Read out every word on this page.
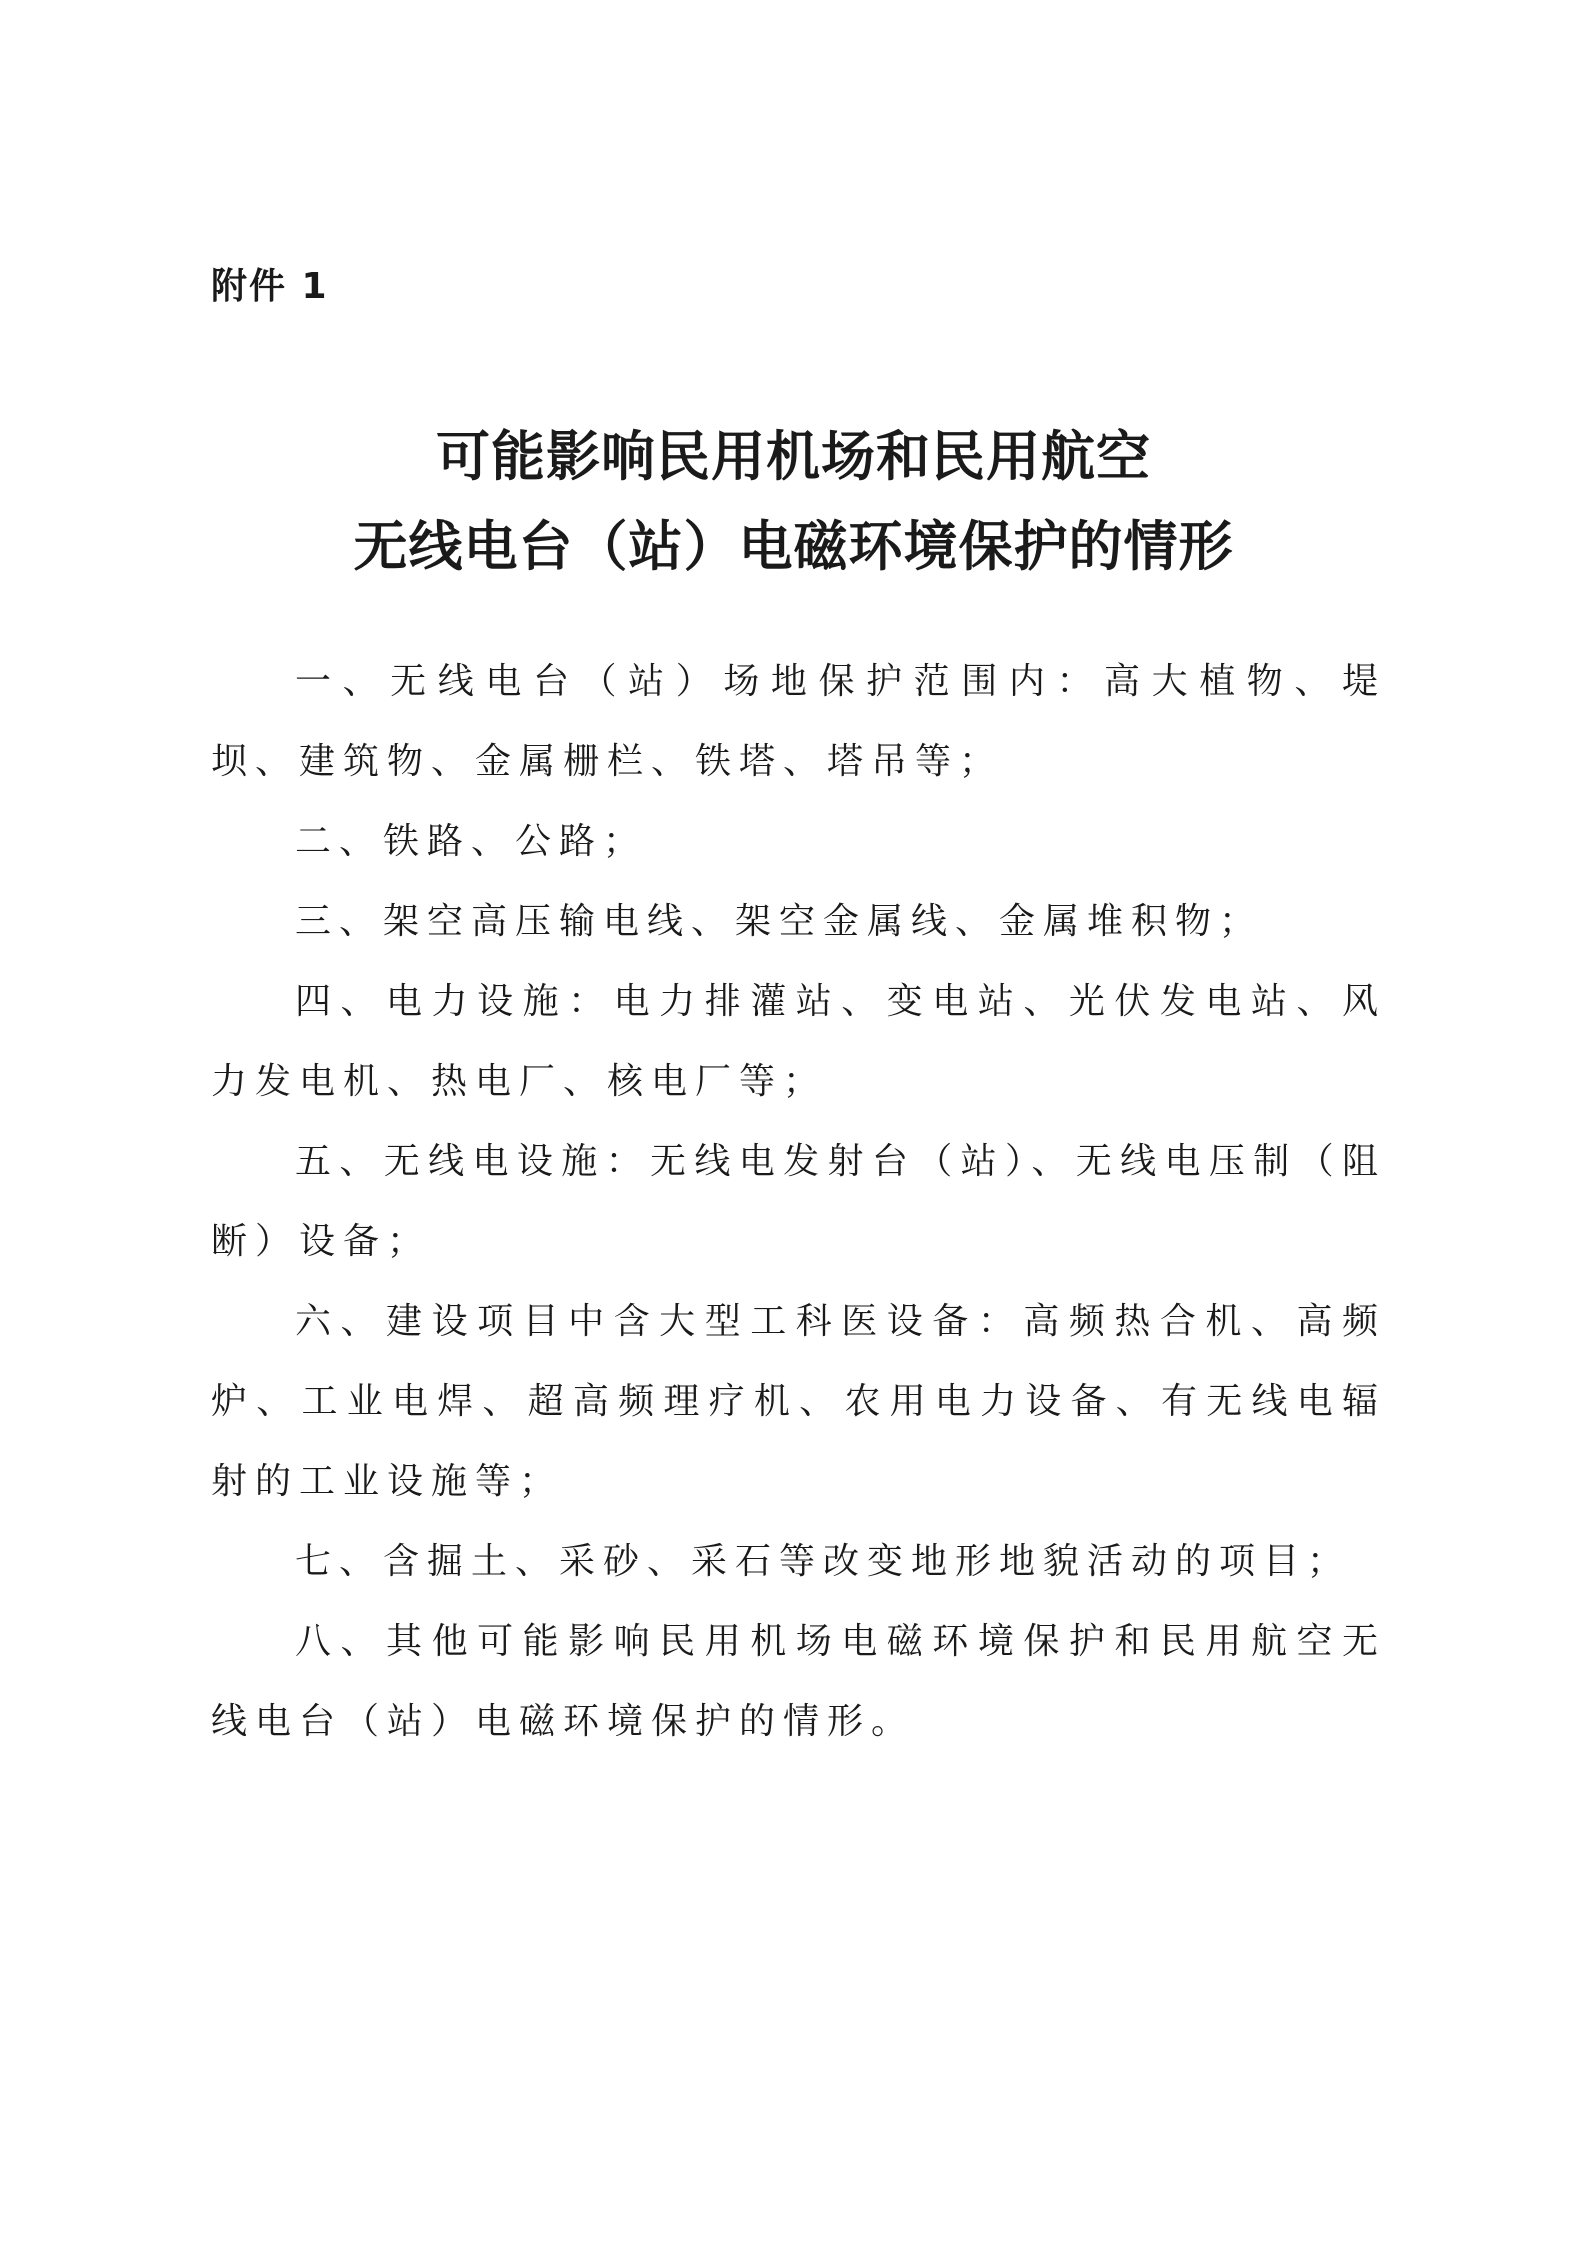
附件 1
可能影响民用机场和民用航空
无线电台（站）电磁环境保护的情形

一、无线电台（站）场地保护范围内：高大植物、堤坝、建筑物、金属栅栏、铁塔、塔吊等；

二、铁路、公路；

三、架空高压输电线、架空金属线、金属堆积物；

四、电力设施：电力排灌站、变电站、光伏发电站、风力发电机、热电厂、核电厂等；

五、无线电设施：无线电发射台（站）、无线电压制（阻断）设备；

六、建设项目中含大型工科医设备：高频热合机、高频炉、工业电焊、超高频理疗机、农用电力设备、有无线电辐射的工业设施等；

七、含掘土、采砂、采石等改变地形地貌活动的项目；

八、其他可能影响民用机场电磁环境保护和民用航空无线电台（站）电磁环境保护的情形。
